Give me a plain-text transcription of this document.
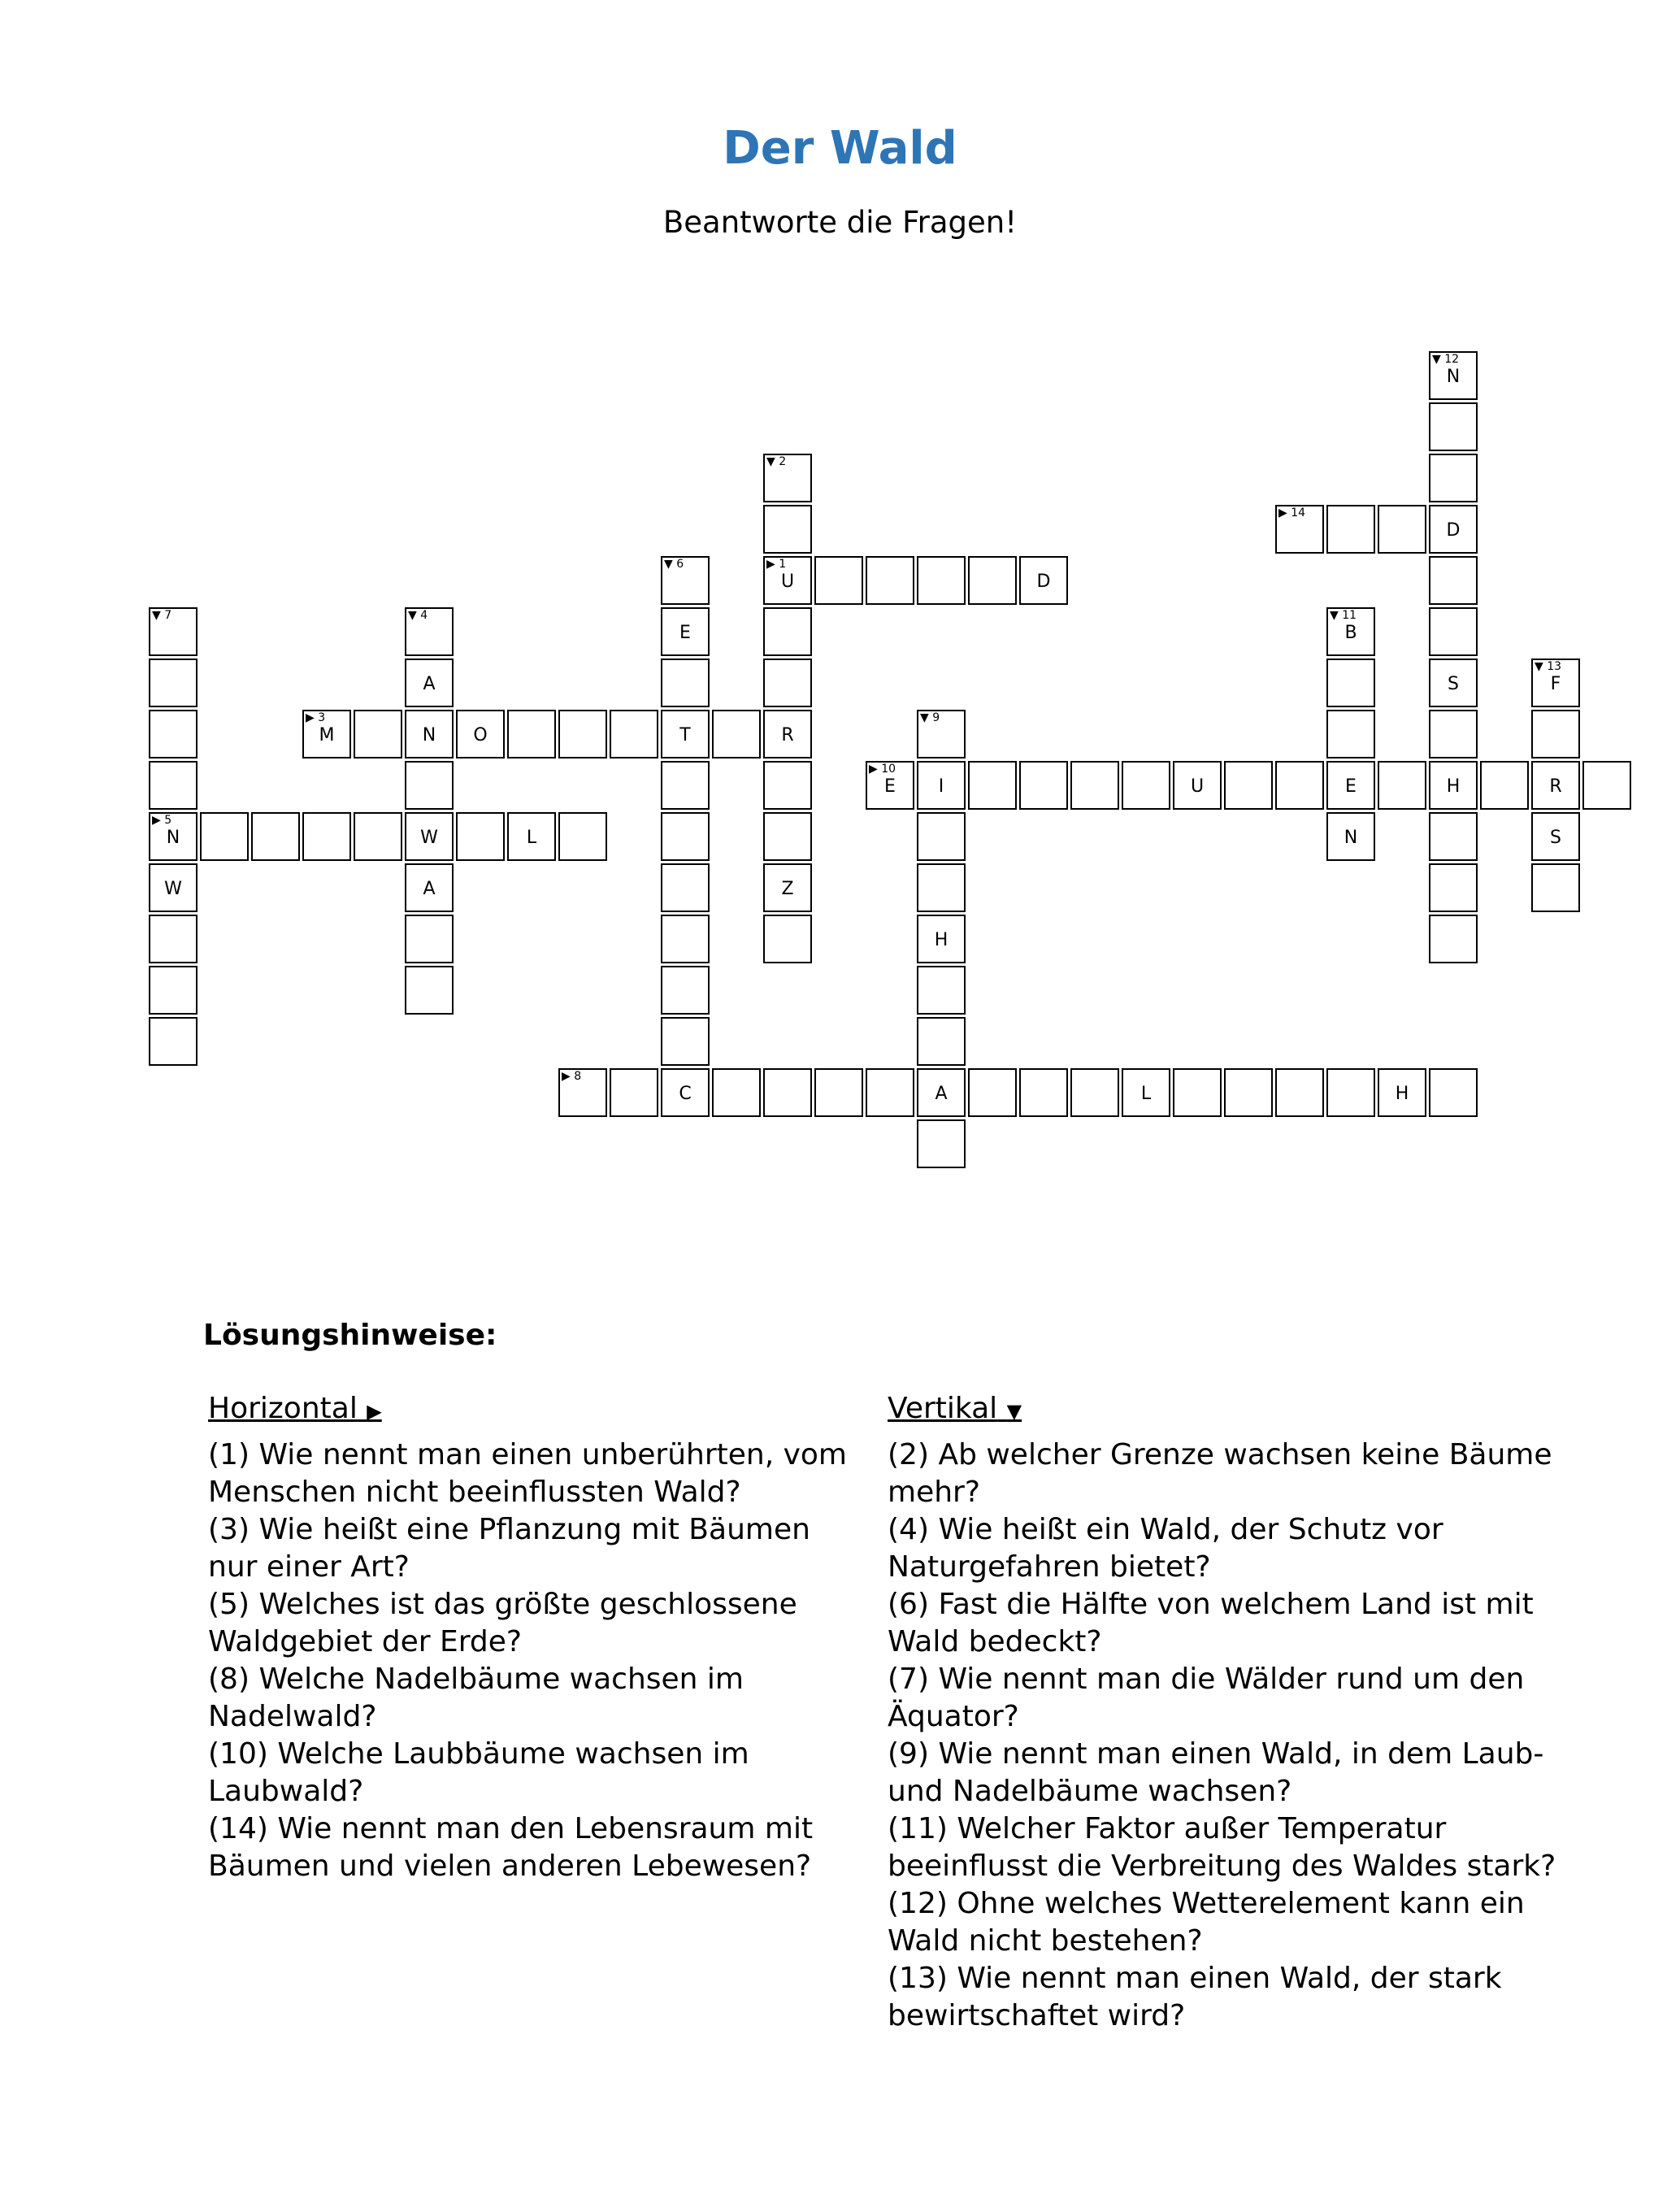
Der Wald
Beantworte die Fragen!
▶ 1
U	D
▶ 3
M	N	O	T	R
▶ 5
N	W	L
▶ 8
C	A	L	H
▶ 10
E	I	U	E	H	R
▶ 14
D
▼ 2
Z
▼ 4
A
A
▼ 6
E
▼ 7
W
▼ 9
H
▼ 11
B
N
▼ 12
N
S
▼ 13
F
S
Lösungshinweise:
Horizontal ▶

(1) Wie nennt man einen unberührten, vom Menschen nicht beeinflussten Wald?

(3) Wie heißt eine Pflanzung mit Bäumen nur einer Art?

(5) Welches ist das größte geschlossene Waldgebiet der Erde?

(8) Welche Nadelbäume wachsen im Nadelwald?

(10) Welche Laubbäume wachsen im Laubwald?

(14) Wie nennt man den Lebensraum mit Bäumen und vielen anderen Lebewesen?

Vertikal ▼

(2) Ab welcher Grenze wachsen keine Bäume mehr?

(4) Wie heißt ein Wald, der Schutz vor Naturgefahren bietet?

(6) Fast die Hälfte von welchem Land ist mit Wald bedeckt?

(7) Wie nennt man die Wälder rund um den Äquator?

(9) Wie nennt man einen Wald, in dem Laub- und Nadelbäume wachsen?

(11) Welcher Faktor außer Temperatur beeinflusst die Verbreitung des Waldes stark?

(12) Ohne welches Wetterelement kann ein Wald nicht bestehen?

(13) Wie nennt man einen Wald, der stark bewirtschaftet wird?
